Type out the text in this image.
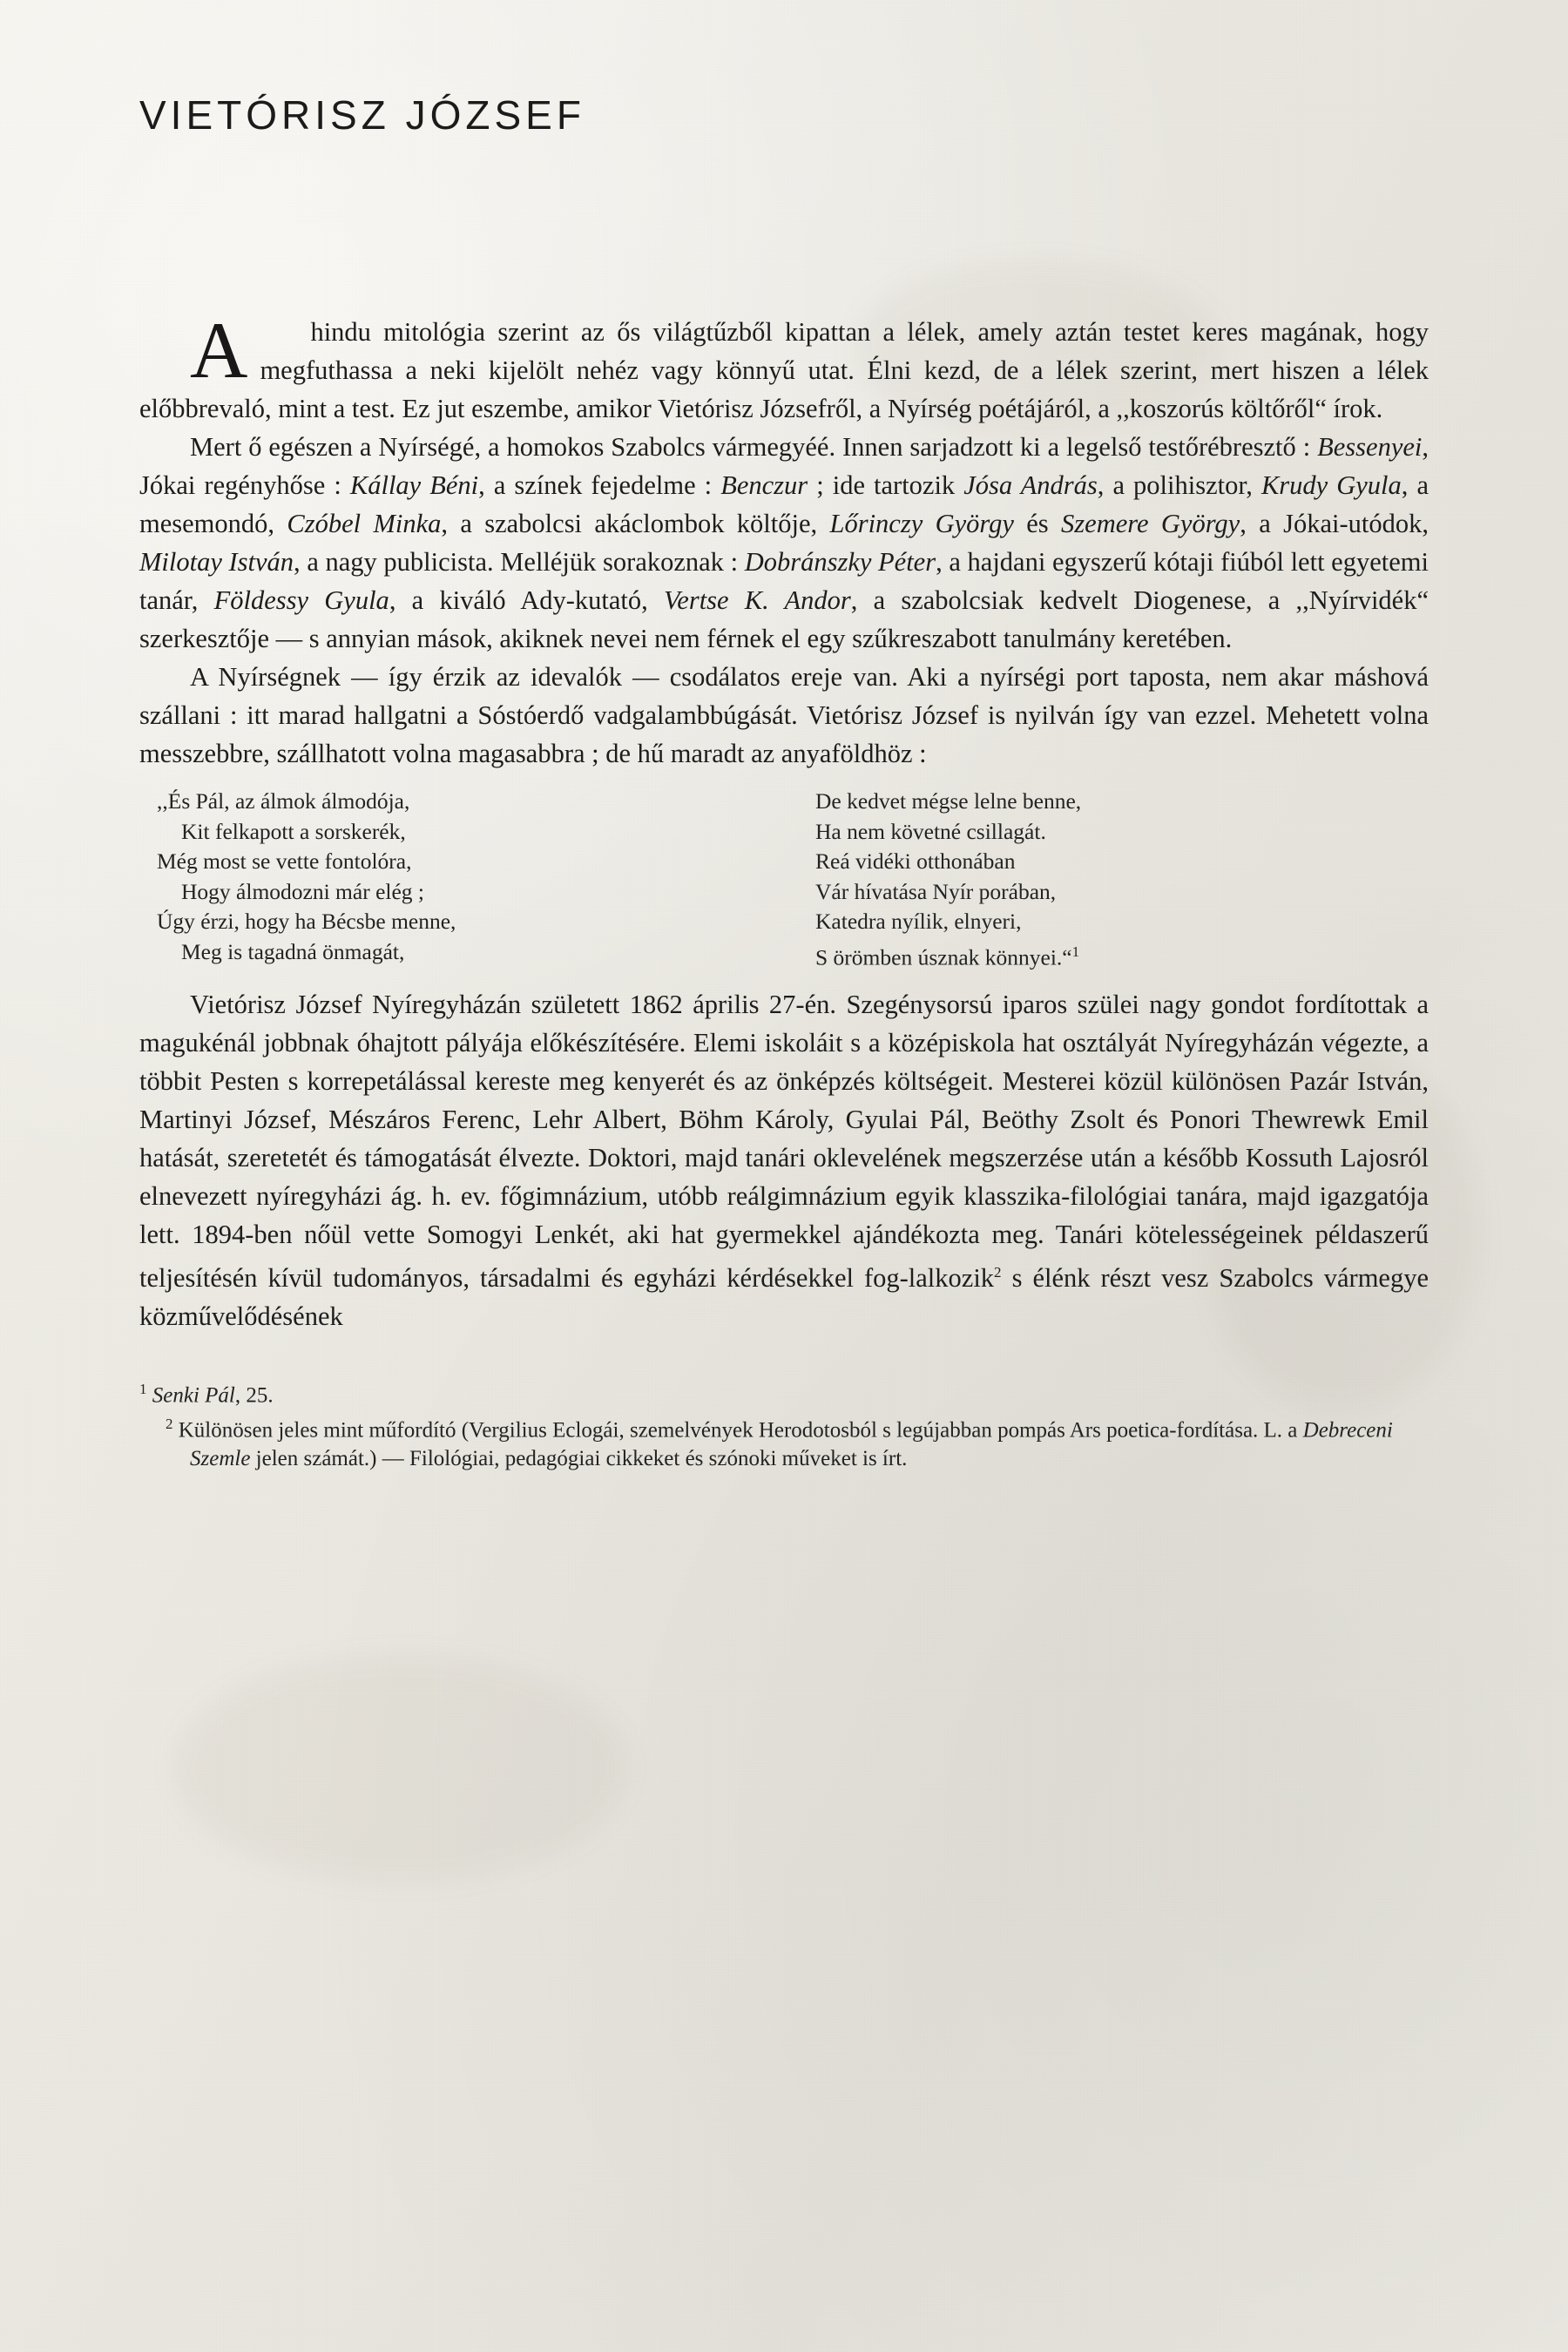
VIETÓRISZ JÓZSEF

A	hindu mitológia szerint az ős világtűzből kipattan a lélek, amely aztán testet keres magának, hogy megfuthassa a neki kijelölt nehéz vagy könnyű utat. Élni kezd, de a lélek szerint, mert hiszen a lélek előbbrevaló, mint a test. Ez jut eszembe, amikor Vietórisz Józsefről, a Nyírség poétájáról, a ,,koszorús költőről“ írok.

Mert ő egészen a Nyírségé, a homokos Szabolcs vármegyéé. Innen sarjadzott ki a legelső testőrébresztő : Bessenyei, Jókai regényhőse : Kállay Béni, a színek fejedelme : Benczur ; ide tartozik Jósa András, a polihisztor, Krudy Gyula, a mesemondó, Czóbel Minka, a szabolcsi akáclombok költője, Lőrinczy György és Szemere György, a Jókai-utódok, Milotay István, a nagy publicista. Melléjük sorakoznak : Dobránszky Péter, a hajdani egyszerű kótaji fiúból lett egyetemi tanár, Földessy Gyula, a kiváló Ady-kutató, Vertse K. Andor, a szabolcsiak kedvelt Diogenese, a ,,Nyírvidék“ szerkesztője — s annyian mások, akiknek nevei nem férnek el egy szűkreszabott tanulmány keretében.

A Nyírségnek — így érzik az idevalók — csodálatos ereje van. Aki a nyírségi port taposta, nem akar máshová szállani : itt marad hallgatni a Sóstóerdő vadgalambbúgását. Vietórisz József is nyilván így van ezzel. Mehetett volna messzebbre, szállhatott volna magasabbra ; de hű maradt az anyaföldhöz :

,,És Pál, az álmok álmodója,
Kit felkapott a sorskerék,
Még most se vette fontolóra,
Hogy álmodozni már elég ;
Úgy érzi, hogy ha Bécsbe menne,
Meg is tagadná önmagát,
De kedvet mégse lelne benne,
Ha nem követné csillagát.
Reá vidéki otthonában
Vár hívatása Nyír porában,
Katedra nyílik, elnyeri,
S örömben úsznak könnyei.“$^1$

Vietórisz József Nyíregyházán született 1862 április 27-én. Szegénysorsú iparos szülei nagy gondot fordítottak a magukénál jobbnak óhajtott pályája előkészítésére. Elemi iskoláit s a középiskola hat osztályát Nyíregyházán végezte, a többit Pesten s korrepetálással kereste meg kenyerét és az önképzés költségeit. Mesterei közül különösen Pazár István, Martinyi József, Mészáros Ferenc, Lehr Albert, Böhm Károly, Gyulai Pál, Beöthy Zsolt és Ponori Thewrewk Emil hatását, szeretetét és támogatását élvezte. Doktori, majd tanári oklevelének megszerzése után a később Kossuth Lajosról elnevezett nyíregyházi ág. h. ev. főgimnázium, utóbb reálgimnázium egyik klasszika-filológiai tanára, majd igazgatója lett. 1894-ben nőül vette Somogyi Lenkét, aki hat gyermekkel ajándékozta meg. Tanári kötelességeinek példaszerű teljesítésén kívül tudományos, társadalmi és egyházi kérdésekkel fog-lalkozik$^2$ s élénk részt vesz Szabolcs vármegye közművelődésének

$^1$ Senki Pál, 25.

$^2$ Különösen jeles mint műfordító (Vergilius Eclogái, szemelvények Herodotosból s legújabban pompás Ars poetica-fordítása. L. a Debreceni Szemle jelen számát.) — Filológiai, pedagógiai cikkeket és szónoki műveket is írt.
